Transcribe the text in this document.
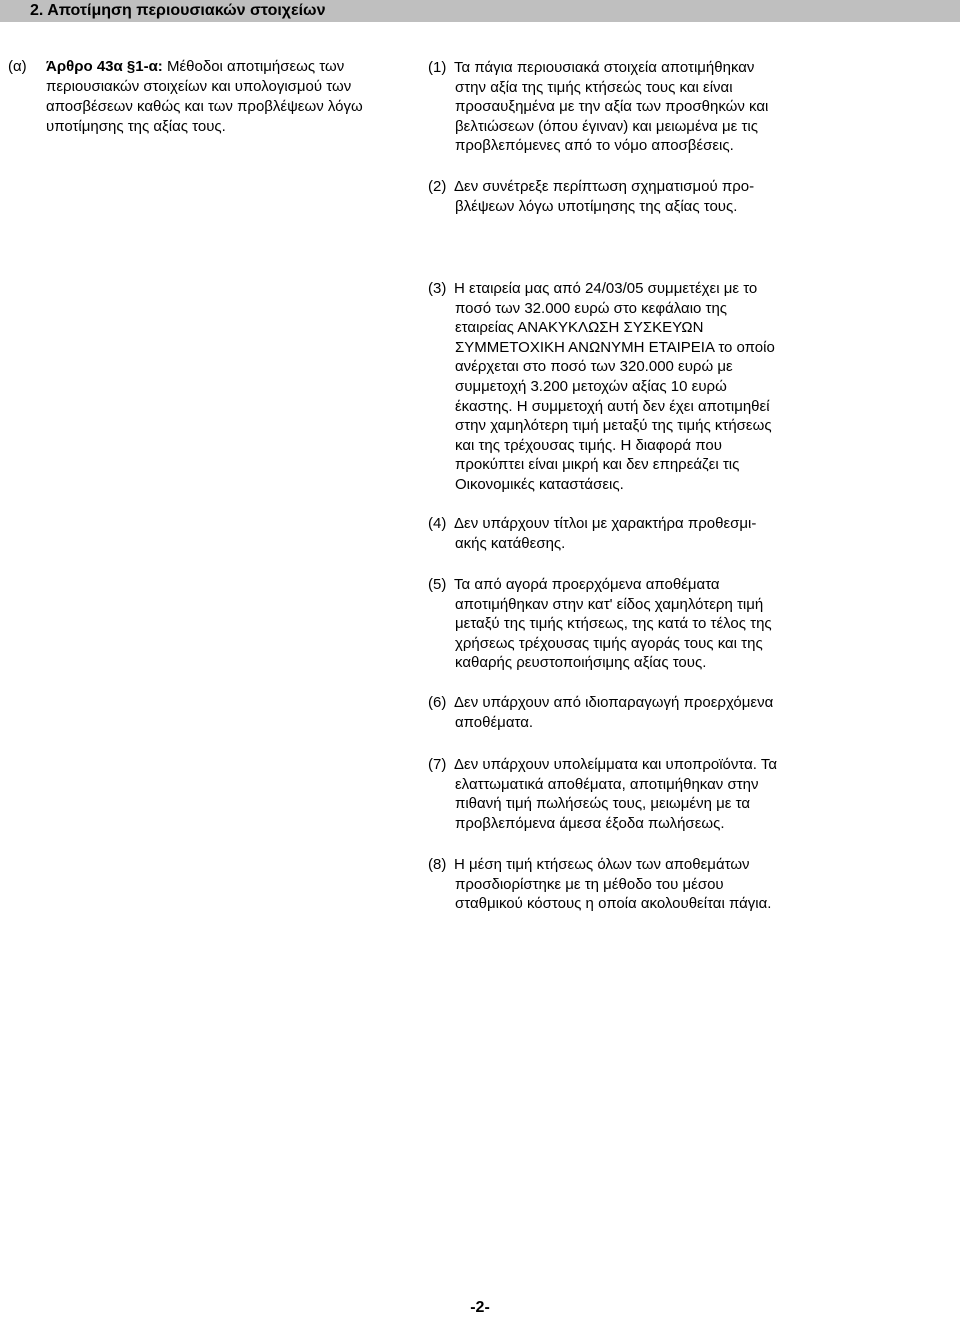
2. Αποτίμηση περιουσιακών στοιχείων
(α) Άρθρο 43α §1-α: Μέθοδοι αποτιμήσεως των
περιουσιακών στοιχείων και υπολογισμού των
αποσβέσεων καθώς και των προβλέψεων λόγω
υποτίμησης της αξίας τους.
(1) Τα πάγια περιουσιακά στοιχεία αποτιμήθηκαν
στην αξία της τιμής κτήσεώς τους και είναι
προσαυξημένα με την αξία των προσθηκών και
βελτιώσεων (όπου έγιναν) και μειωμένα με τις
προβλεπόμενες από το νόμο αποσβέσεις.
(2) Δεν συνέτρεξε περίπτωση σχηματισμού προ-
βλέψεων λόγω υποτίμησης της αξίας τους.
(3) Η εταιρεία μας από 24/03/05 συμμετέχει με το
ποσό των 32.000 ευρώ στο κεφάλαιο της
εταιρείας ΑΝΑΚΥΚΛΩΣΗ ΣΥΣΚΕΥΩΝ
ΣΥΜΜΕΤΟΧΙΚΗ ΑΝΩΝΥΜΗ ΕΤΑΙΡΕΙΑ το οποίο
ανέρχεται στο ποσό των 320.000 ευρώ με
συμμετοχή 3.200 μετοχών αξίας 10 ευρώ
έκαστης. Η συμμετοχή αυτή δεν έχει αποτιμηθεί
στην χαμηλότερη τιμή μεταξύ της τιμής κτήσεως
και της τρέχουσας τιμής. Η διαφορά που
προκύπτει είναι μικρή και δεν επηρεάζει τις
Οικονομικές καταστάσεις.
(4) Δεν υπάρχουν τίτλοι με χαρακτήρα προθεσμι-
ακής κατάθεσης.
(5) Τα από αγορά προερχόμενα αποθέματα
αποτιμήθηκαν στην κατ' είδος χαμηλότερη τιμή
μεταξύ της τιμής κτήσεως, της κατά το τέλος της
χρήσεως τρέχουσας τιμής αγοράς τους και της
καθαρής ρευστοποιήσιμης αξίας τους.
(6) Δεν υπάρχουν από ιδιοπαραγωγή προερχόμενα
αποθέματα.
(7) Δεν υπάρχουν υπολείμματα και υποπροϊόντα. Τα
ελαττωματικά αποθέματα, αποτιμήθηκαν στην
πιθανή τιμή πωλήσεώς τους, μειωμένη με τα
προβλεπόμενα άμεσα έξοδα πωλήσεως.
(8) Η μέση τιμή κτήσεως όλων των αποθεμάτων
προσδιορίστηκε με τη μέθοδο του μέσου
σταθμικού κόστους η οποία ακολουθείται πάγια.
-2-
